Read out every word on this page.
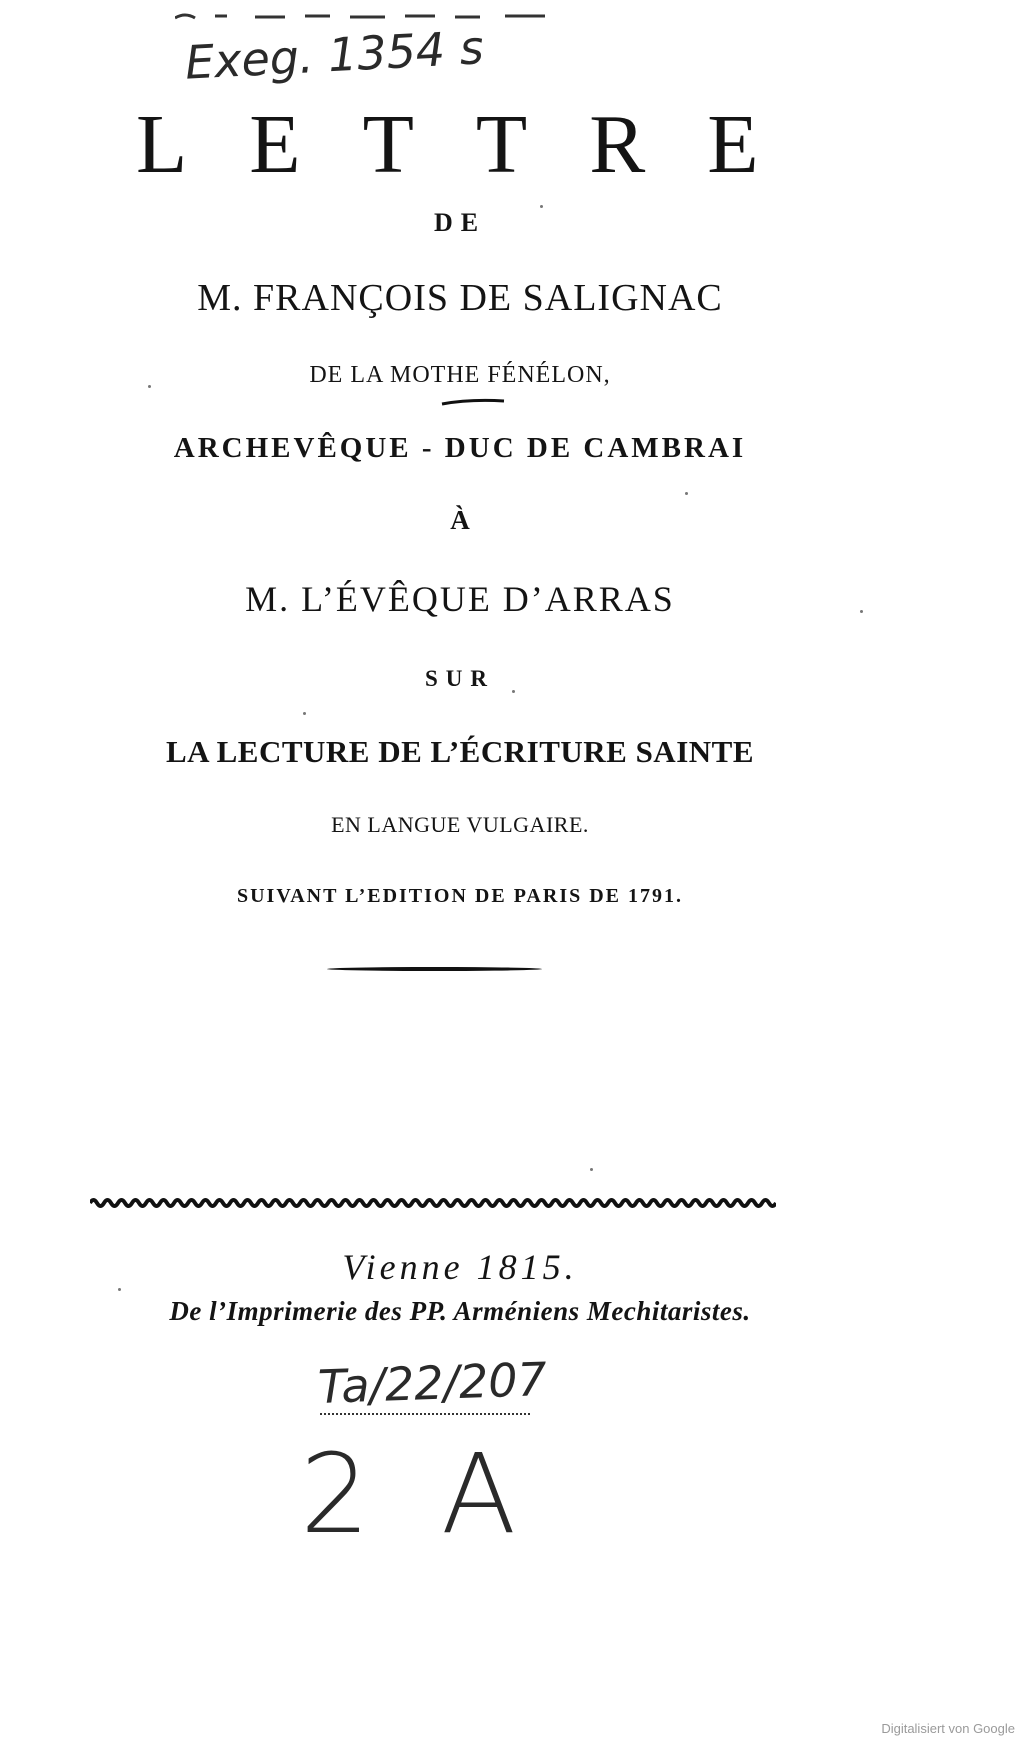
Exeg. 1354 s
LETTRE
DE
M. FRANÇOIS DE SALIGNAC
DE LA MOTHE FÉNÉLON,
ARCHEVÊQUE - DUC DE CAMBRAI
À
M. L’ÉVÊQUE D’ARRAS
SUR
LA LECTURE DE L’ÉCRITURE SAINTE
EN LANGUE VULGAIRE.
SUIVANT L’EDITION DE PARIS DE 1791.
Vienne 1815.
De l’Imprimerie des PP. Arméniens Mechitaristes.
Ta/22/207
2 A
Digitalisiert von Google
